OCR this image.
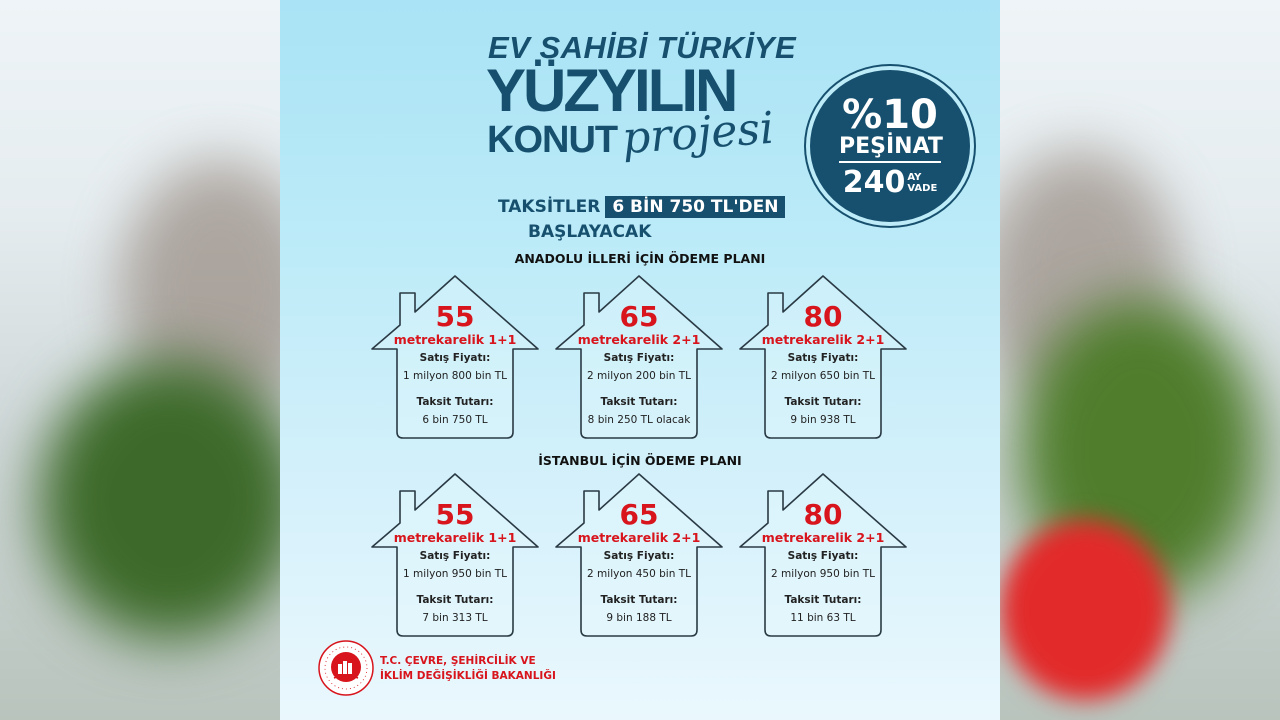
EV SAHİBİ TÜRKİYE
YÜZYILIN
KONUT projesi	%10
PEŞİNAT
240 AY
VADE
TAKSİTLER 6 BİN 750 TL'DEN
BAŞLAYACAK
ANADOLU İLLERİ İÇİN ÖDEME PLANI
İSTANBUL İÇİN ÖDEME PLANI
55
metrekarelik 1+1
Satış Fiyatı:
1 milyon 800 bin TL
Taksit Tutarı:
6 bin 750 TL
65
metrekarelik 2+1
Satış Fiyatı:
2 milyon 200 bin TL
Taksit Tutarı:
8 bin 250 TL olacak
80
metrekarelik 2+1
Satış Fiyatı:
2 milyon 650 bin TL
Taksit Tutarı:
9 bin 938 TL
55
metrekarelik 1+1
Satış Fiyatı:
1 milyon 950 bin TL
Taksit Tutarı:
7 bin 313 TL
65
metrekarelik 2+1
Satış Fiyatı:
2 milyon 450 bin TL
Taksit Tutarı:
9 bin 188 TL
80
metrekarelik 2+1
Satış Fiyatı:
2 milyon 950 bin TL
Taksit Tutarı:
11 bin 63 TL
T.C. ÇEVRE, ŞEHİRCİLİK VE
İKLİM DEĞİŞİKLİĞİ BAKANLIĞI
